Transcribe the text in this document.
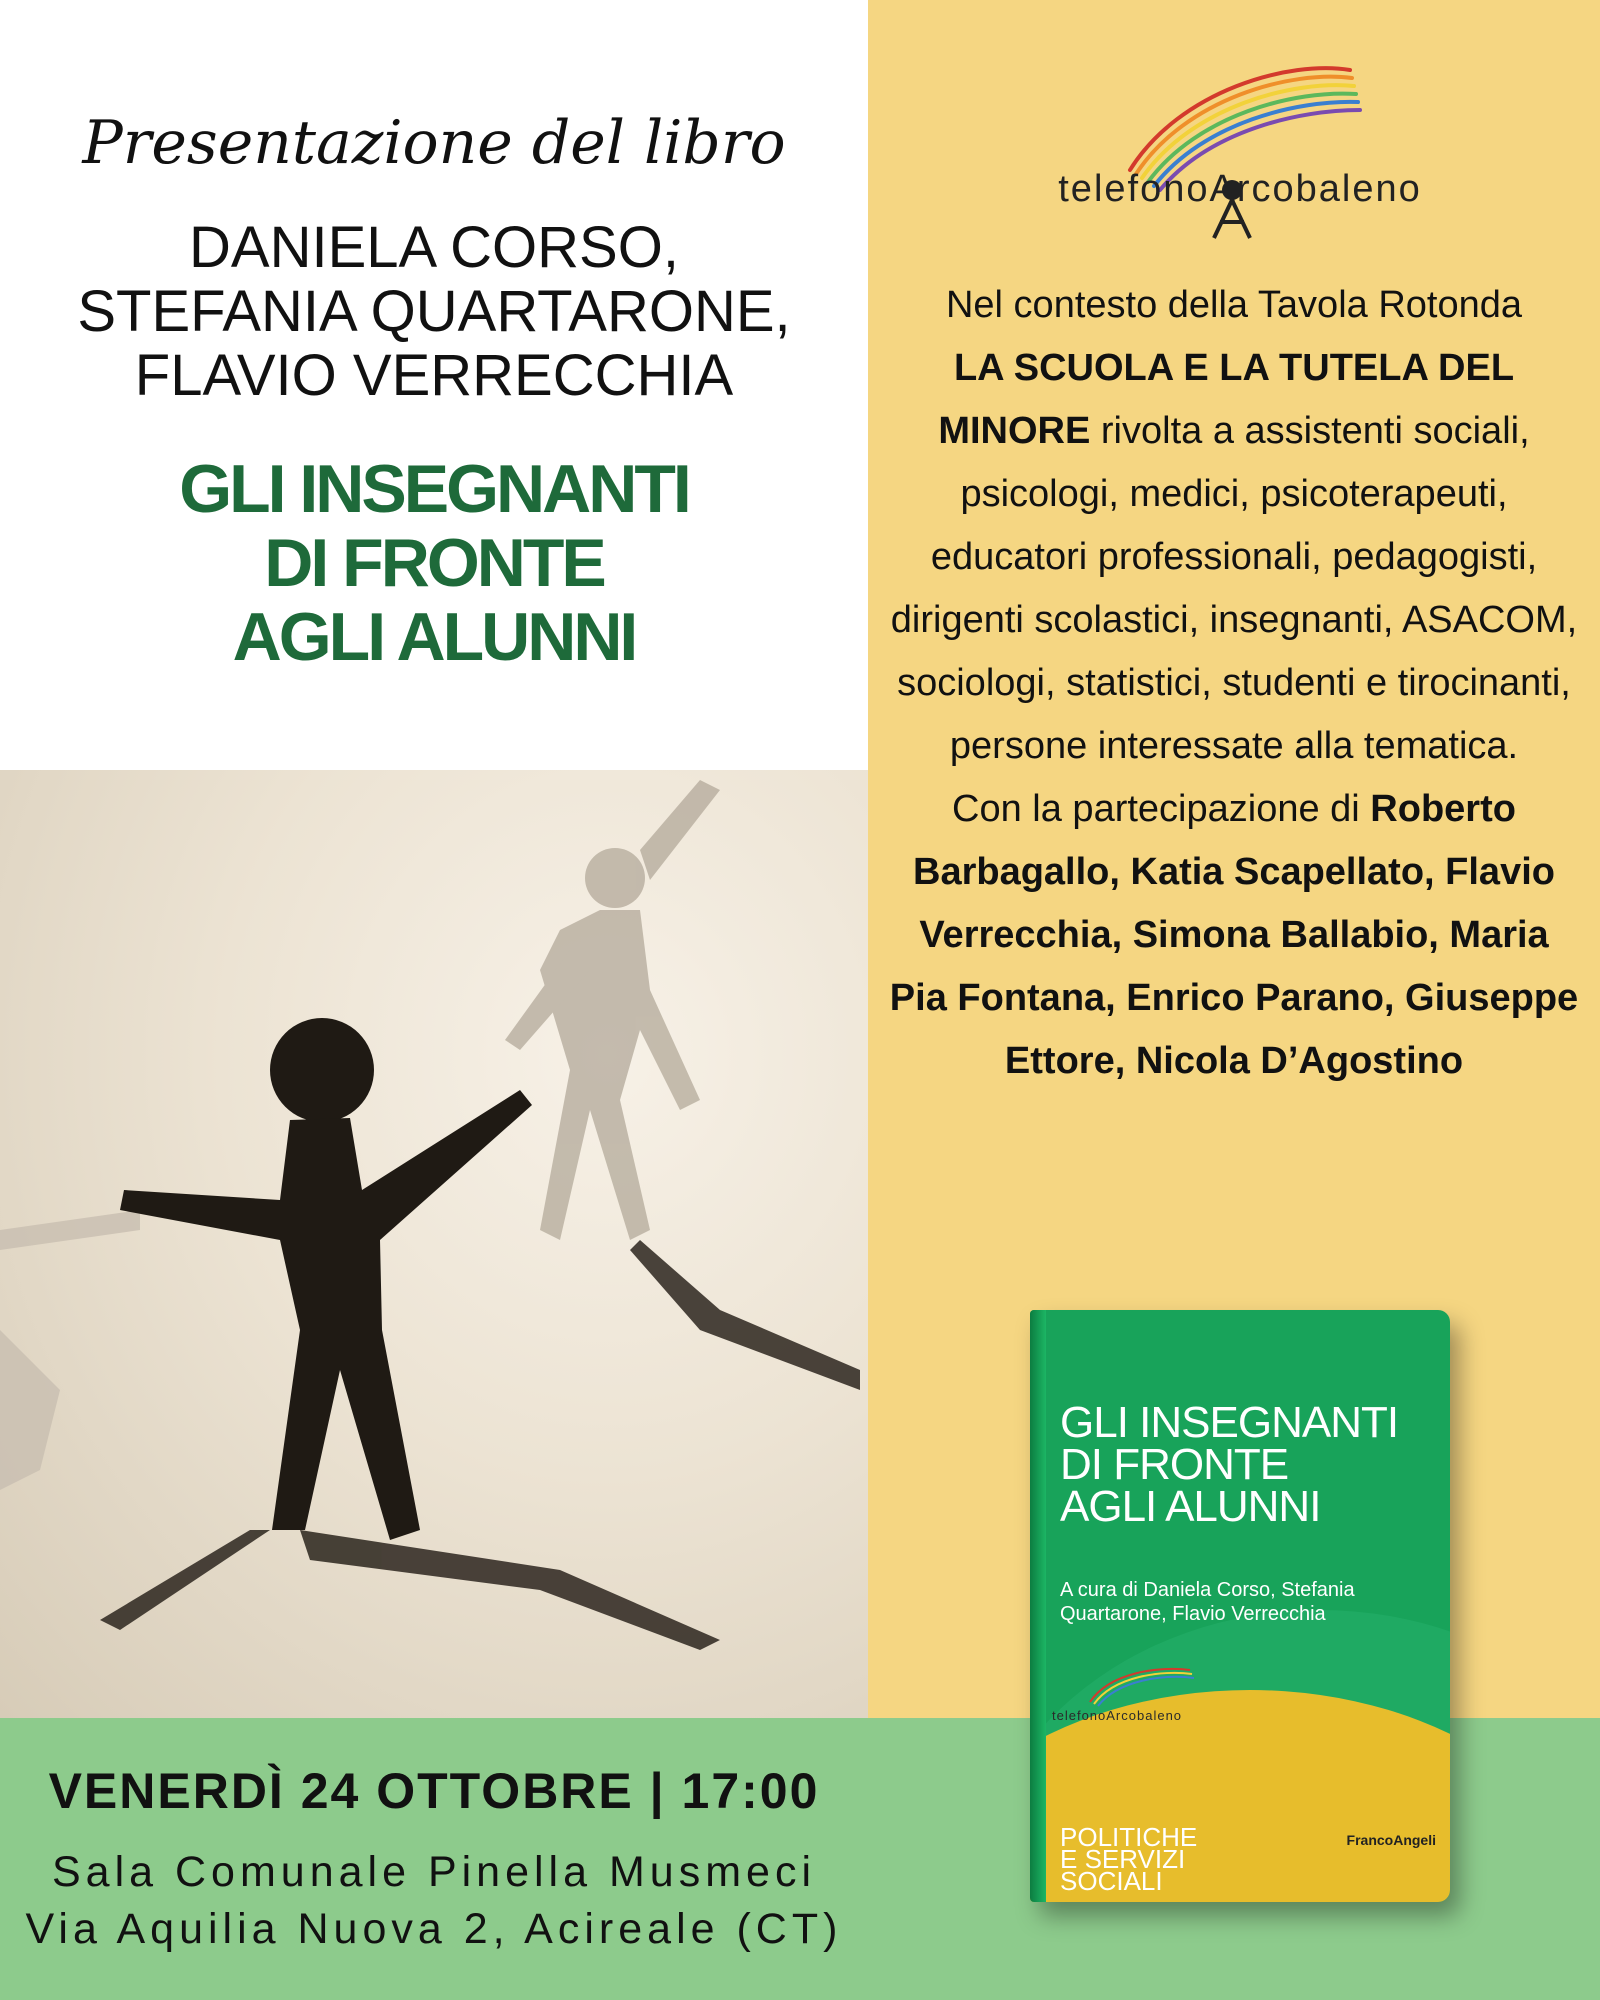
Presentazione del libro
DANIELA CORSO,
STEFANIA QUARTARONE,
FLAVIO VERRECCHIA
GLI INSEGNANTI
DI FRONTE
AGLI ALUNNI
telefonoArcobaleno
Nel contesto della Tavola Rotonda
LA SCUOLA E LA TUTELA DEL MINORE rivolta a assistenti sociali, psicologi, medici, psicoterapeuti, educatori professionali, pedagogisti, dirigenti scolastici, insegnanti, ASACOM, sociologi, statistici, studenti e tirocinanti, persone interessate alla tematica.
Con la partecipazione di Roberto Barbagallo, Katia Scapellato, Flavio Verrecchia, Simona Ballabio, Maria Pia Fontana, Enrico Parano, Giuseppe Ettore, Nicola D’Agostino
GLI INSEGNANTI
DI FRONTE
AGLI ALUNNI
A cura di Daniela Corso, Stefania Quartarone, Flavio Verrecchia
telefonoArcobaleno
POLITICHE
E SERVIZI
SOCIALI
FrancoAngeli
VENERDÌ 24 OTTOBRE | 17:00
Sala Comunale Pinella Musmeci
Via Aquilia Nuova 2, Acireale (CT)
